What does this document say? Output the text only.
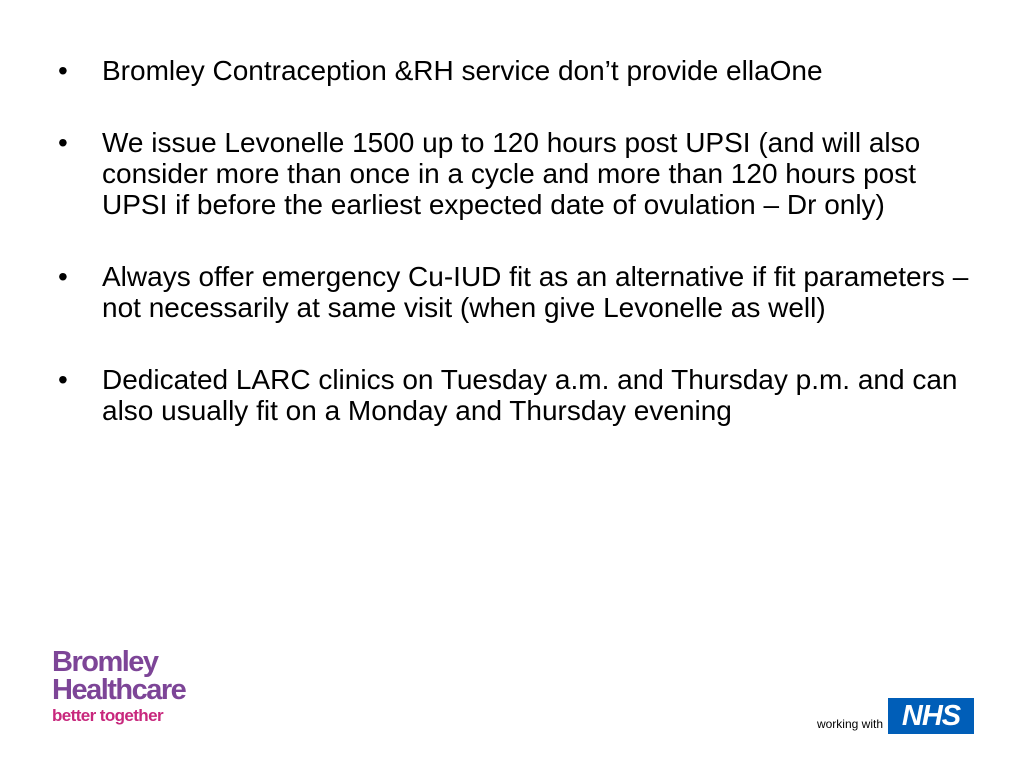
• Bromley Contraception &RH service don’t provide ellaOne
• We issue Levonelle 1500 up to 120 hours post UPSI (and will also consider more than once in a cycle and more than 120 hours post UPSI if before the earliest expected date of ovulation – Dr only)
• Always offer emergency Cu-IUD fit as an alternative if fit parameters – not necessarily at same visit (when give Levonelle as well)
• Dedicated LARC clinics on Tuesday a.m. and Thursday p.m. and can also usually fit on a Monday and Thursday evening
Bromley
Healthcare
better together	working with NHS
